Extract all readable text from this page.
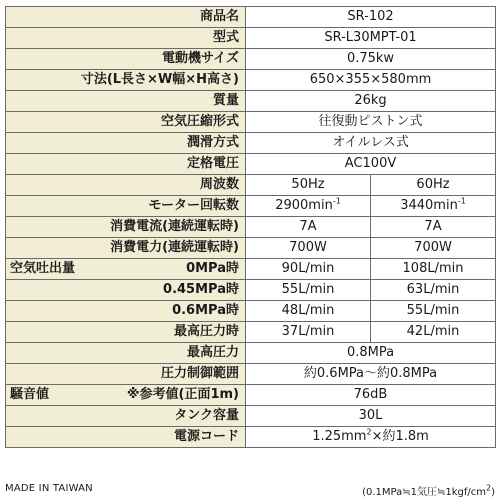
商品名	SR-102	
型式	SR-L30MPT-01	
電動機サイズ	0.75kw	
寸法(L長さ×W幅×H高さ)	650×355×580mm	
質量	26kg	
空気圧縮形式	往復動ピストン式	
潤滑方式	オイルレス式	
定格電圧	AC100V	
周波数	50Hz	60Hz
モーター回転数	$2900\min^{-1}$	$3440\min^{-1}$
消費電流(連続運転時)	7A	7A
消費電力(連続運転時)	700W	700W

空気吐出量 0MPa時	90L/min	108L/min
0.45MPa時	55L/min	63L/min
0.6MPa時	48L/min	55L/min
最高圧力時	37L/min	42L/min
最高圧力	0.8MPa	
圧力制御範囲	約0.6MPa〜約0.8MPa	

騒音値 ※参考値(正面1m)	76dB	
タンク容量	30L	
電源コード	$1.25mm^2\times$約1.8m	
MADE IN TAIWAN	(0.1MPa≒1気圧$≒1kgf/cm^2$)
